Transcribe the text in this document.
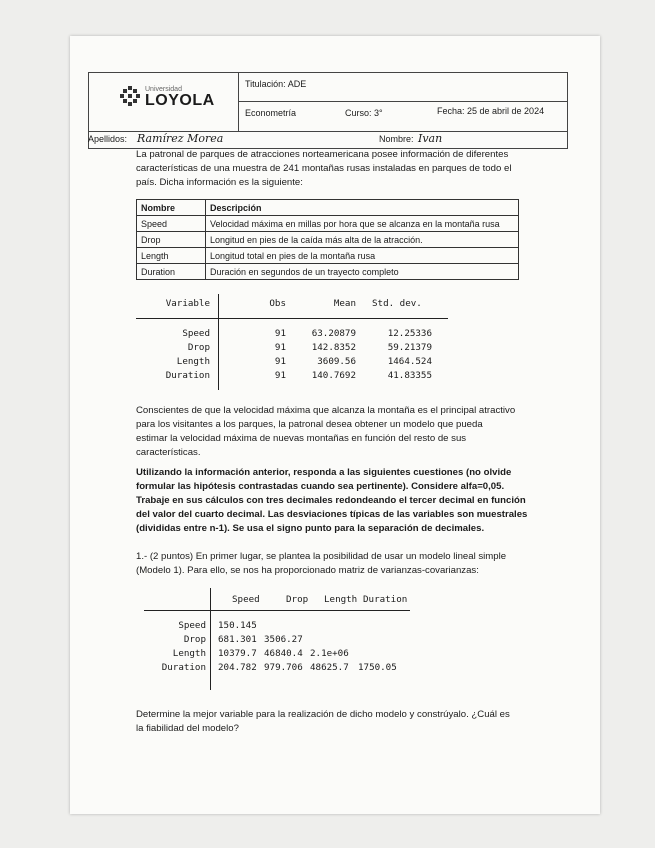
Universidad
LOYOLA
Titulación: ADE
Econometría	Curso: 3°	Fecha: 25 de abril de 2024
Apellidos: Ramírez Morea	Nombre: Ivan
La patronal de parques de atracciones norteamericana posee información de diferentes
características de una muestra de 241 montañas rusas instaladas en parques de todo el
país. Dicha información es la siguiente:
Nombre	Descripción
Speed	Velocidad máxima en millas por hora que se alcanza en la montaña rusa
Drop	Longitud en pies de la caída más alta de la atracción.
Length	Longitud total en pies de la montaña rusa
Duration	Duración en segundos de un trayecto completo
Variable	Obs	Mean Std. dev.
Speed	91	63.20879	12.25336
Drop	91	142.8352	59.21379
Length	91	3609.56	1464.524
Duration	91	140.7692	41.83355
Conscientes de que la velocidad máxima que alcanza la montaña es el principal atractivo
para los visitantes a los parques, la patronal desea obtener un modelo que pueda
estimar la velocidad máxima de nuevas montañas en función del resto de sus
características.
Utilizando la información anterior, responda a las siguientes cuestiones (no olvide
formular las hipótesis contrastadas cuando sea pertinente). Considere alfa=0,05.
Trabaje en sus cálculos con tres decimales redondeando el tercer decimal en función
del valor del cuarto decimal. Las desviaciones típicas de las variables son muestrales
(divididas entre n-1). Se usa el signo punto para la separación de decimales.
1.- (2 puntos) En primer lugar, se plantea la posibilidad de usar un modelo lineal simple
(Modelo 1). Para ello, se nos ha proporcionado matriz de varianzas-covarianzas:
Speed	Drop Length Duration
Speed 150.145
Drop 681.301 3506.27
Length 10379.7 46840.4 2.1e+06
Duration 204.782 979.706 48625.7 1750.05
Determine la mejor variable para la realización de dicho modelo y constrúyalo. ¿Cuál es
la fiabilidad del modelo?
